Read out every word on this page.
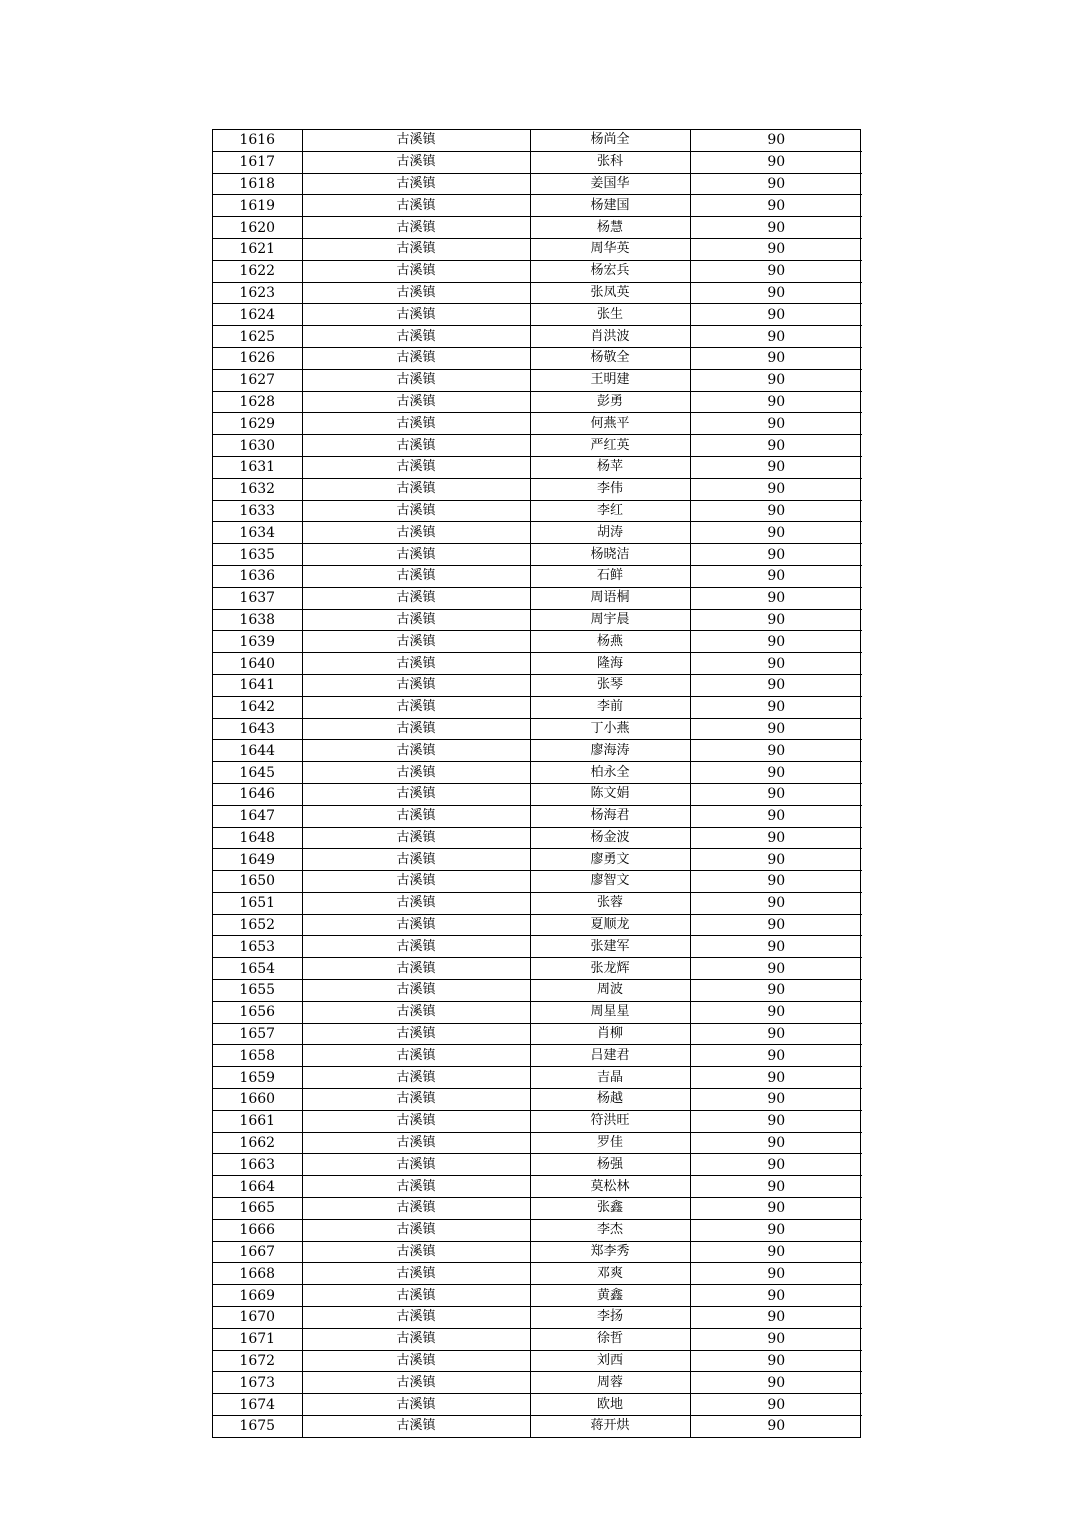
1616	古溪镇	杨尚全	90
1617	古溪镇	张科	90
1618	古溪镇	姜国华	90
1619	古溪镇	杨建国	90
1620	古溪镇	杨慧	90
1621	古溪镇	周华英	90
1622	古溪镇	杨宏兵	90
1623	古溪镇	张凤英	90
1624	古溪镇	张生	90
1625	古溪镇	肖洪波	90
1626	古溪镇	杨敬全	90
1627	古溪镇	王明建	90
1628	古溪镇	彭勇	90
1629	古溪镇	何燕平	90
1630	古溪镇	严红英	90
1631	古溪镇	杨苹	90
1632	古溪镇	李伟	90
1633	古溪镇	李红	90
1634	古溪镇	胡涛	90
1635	古溪镇	杨晓洁	90
1636	古溪镇	石鲜	90
1637	古溪镇	周语桐	90
1638	古溪镇	周宇晨	90
1639	古溪镇	杨燕	90
1640	古溪镇	隆海	90
1641	古溪镇	张琴	90
1642	古溪镇	李前	90
1643	古溪镇	丁小燕	90
1644	古溪镇	廖海涛	90
1645	古溪镇	柏永全	90
1646	古溪镇	陈文娟	90
1647	古溪镇	杨海君	90
1648	古溪镇	杨金波	90
1649	古溪镇	廖勇文	90
1650	古溪镇	廖智文	90
1651	古溪镇	张蓉	90
1652	古溪镇	夏顺龙	90
1653	古溪镇	张建军	90
1654	古溪镇	张龙辉	90
1655	古溪镇	周波	90
1656	古溪镇	周星星	90
1657	古溪镇	肖柳	90
1658	古溪镇	吕建君	90
1659	古溪镇	吉晶	90
1660	古溪镇	杨越	90
1661	古溪镇	符洪旺	90
1662	古溪镇	罗佳	90
1663	古溪镇	杨强	90
1664	古溪镇	莫松林	90
1665	古溪镇	张鑫	90
1666	古溪镇	李杰	90
1667	古溪镇	郑李秀	90
1668	古溪镇	邓爽	90
1669	古溪镇	黄鑫	90
1670	古溪镇	李扬	90
1671	古溪镇	徐哲	90
1672	古溪镇	刘西	90
1673	古溪镇	周蓉	90
1674	古溪镇	欧地	90
1675	古溪镇	蒋开烘	90
